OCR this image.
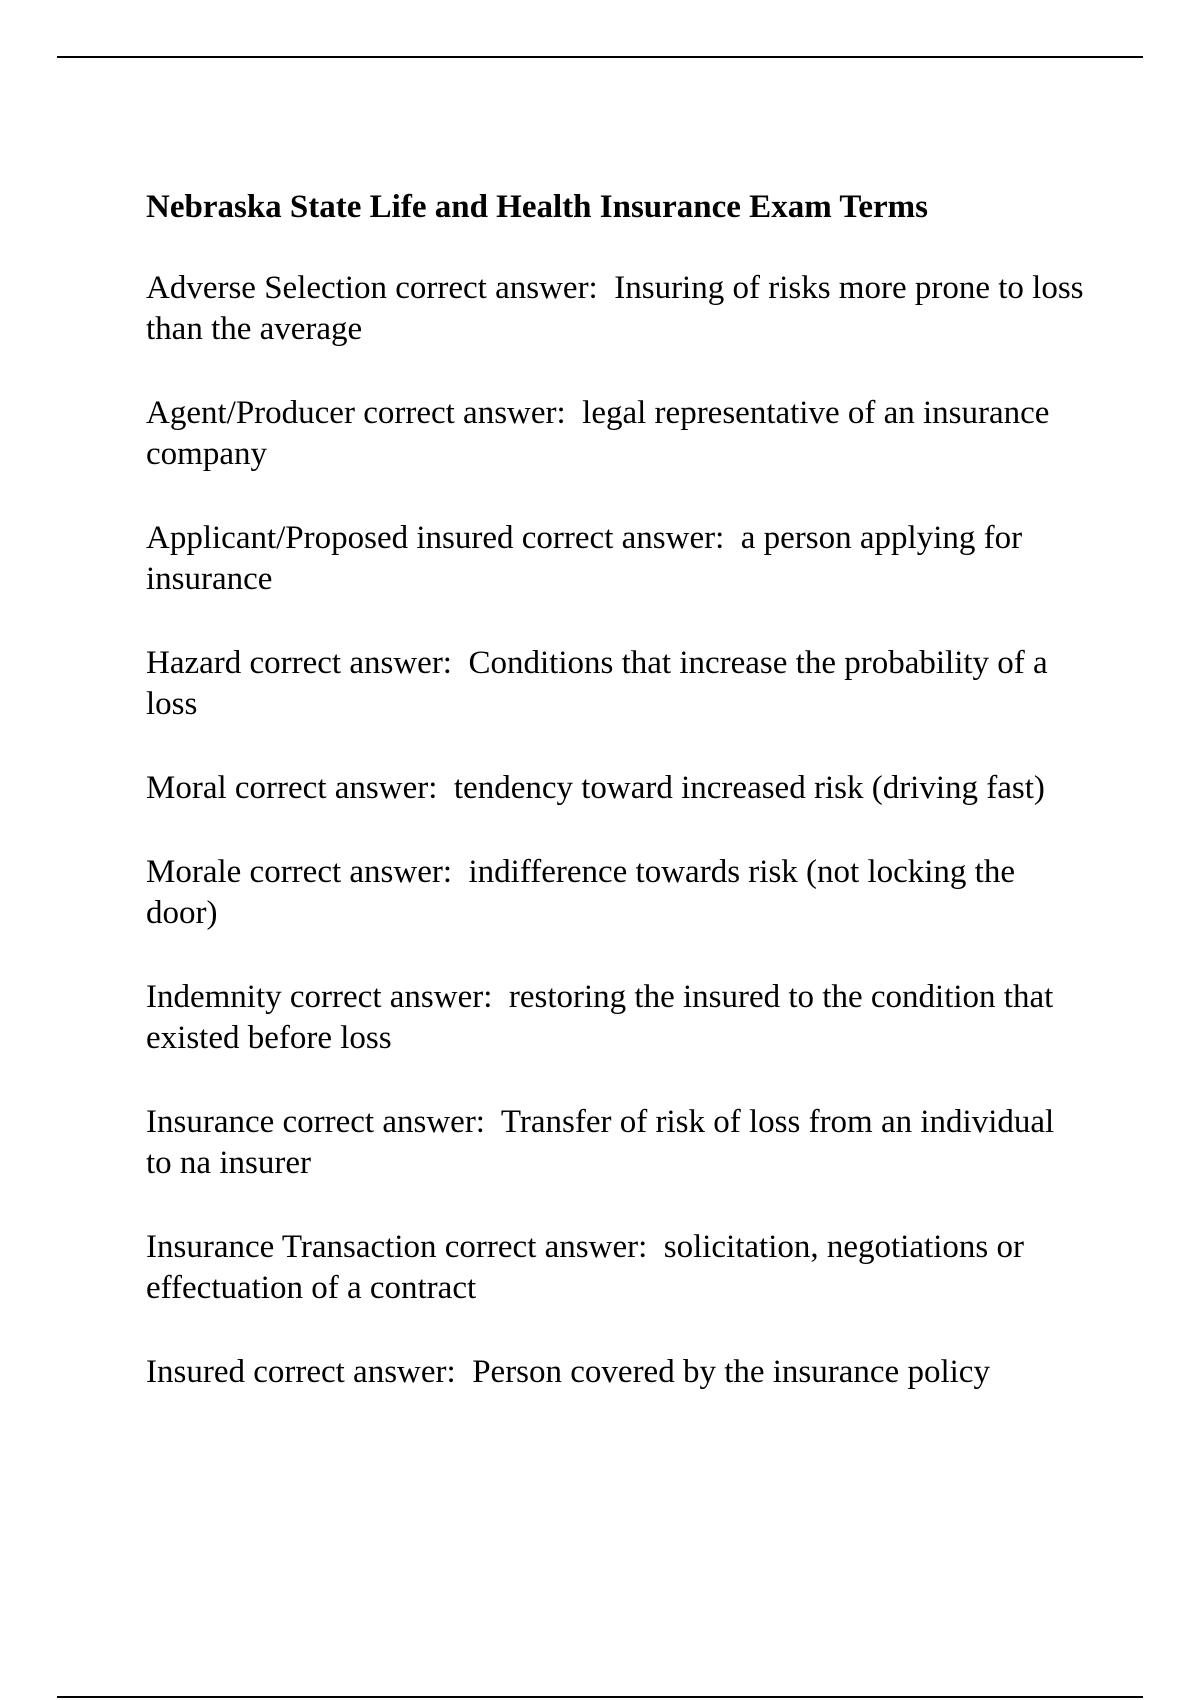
Nebraska State Life and Health Insurance Exam Terms
Adverse Selection correct answer:  Insuring of risks more prone to loss than the average
Agent/Producer correct answer:  legal representative of an insurance company
Applicant/Proposed insured correct answer:  a person applying for insurance
Hazard correct answer:  Conditions that increase the probability of a loss
Moral correct answer:  tendency toward increased risk (driving fast)
Morale correct answer:  indifference towards risk (not locking the door)
Indemnity correct answer:  restoring the insured to the condition that existed before loss
Insurance correct answer:  Transfer of risk of loss from an individual to na insurer
Insurance Transaction correct answer:  solicitation, negotiations or effectuation of a contract
Insured correct answer:  Person covered by the insurance policy
